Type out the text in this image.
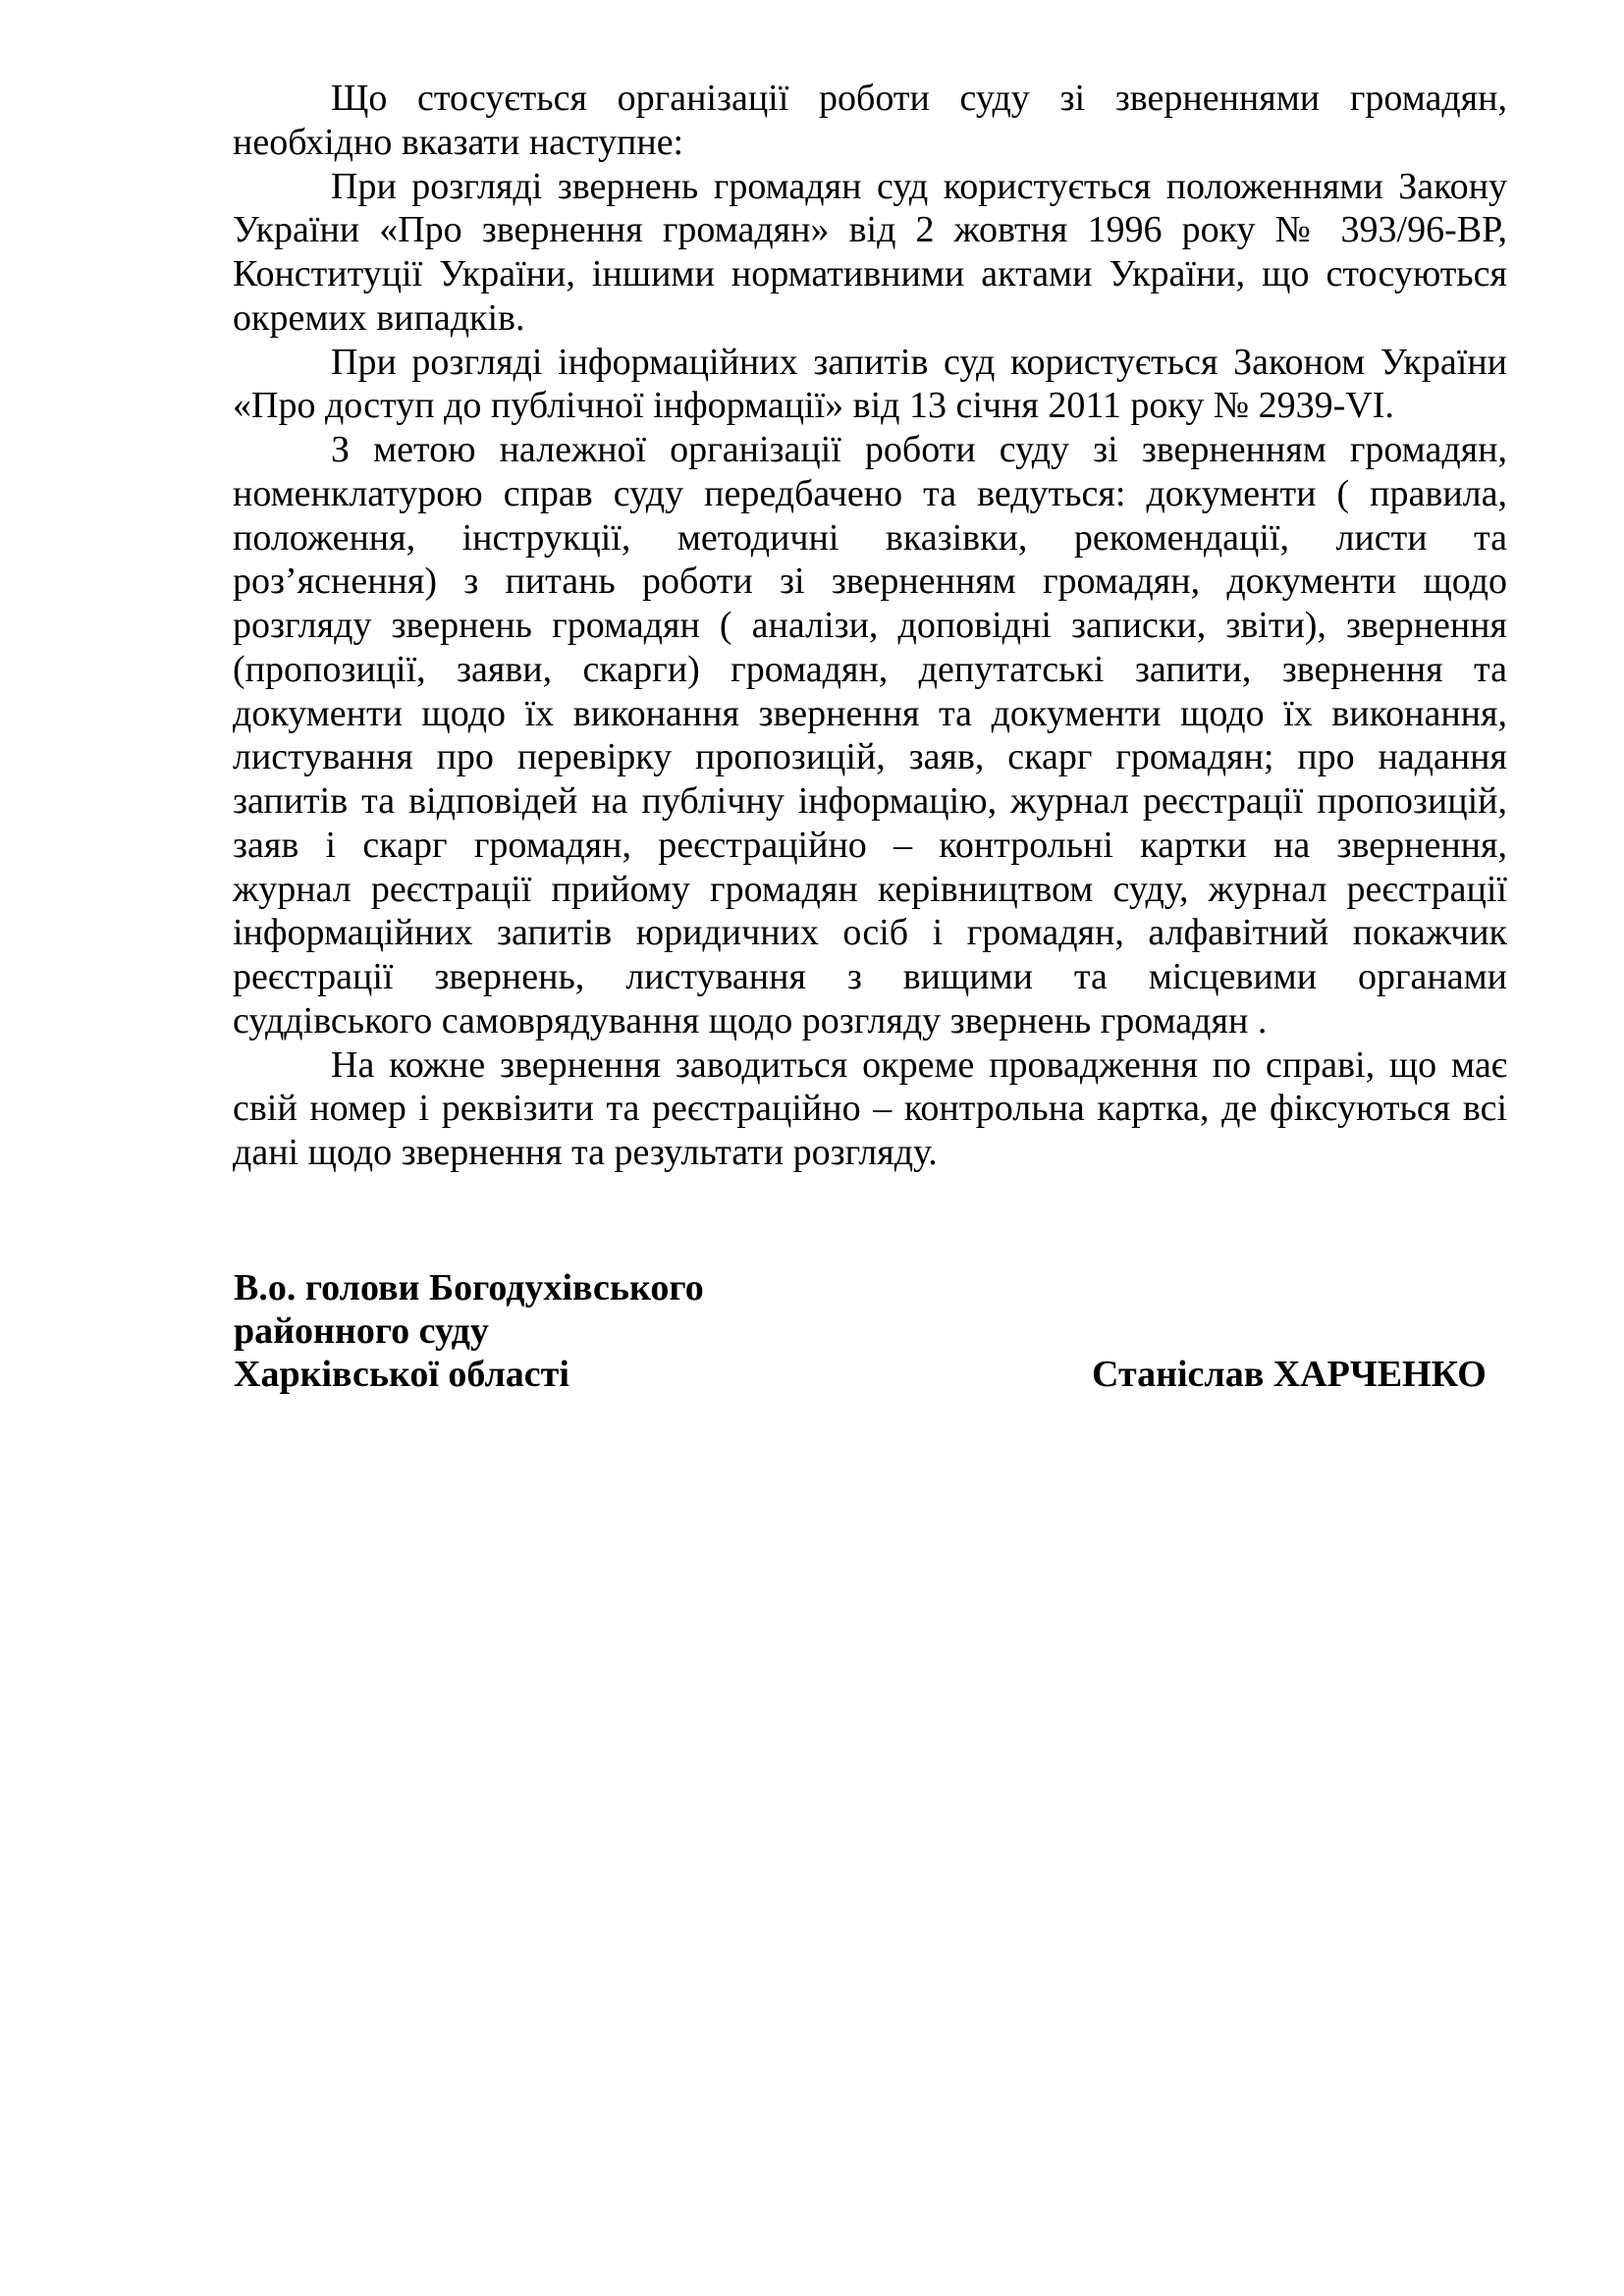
Що стосується організації роботи суду зі зверненнями громадян,
необхідно вказати наступне:
При розгляді звернень громадян суд користується положеннями Закону
України «Про звернення громадян» від 2 жовтня 1996 року № 393/96-ВР,
Конституції України, іншими нормативними актами України, що стосуються
окремих випадків.
При розгляді інформаційних запитів суд користується Законом України
«Про доступ до публічної інформації» від 13 січня 2011 року № 2939-VI.
З метою належної організації роботи суду зі зверненням громадян,
номенклатурою справ суду передбачено та ведуться: документи ( правила,
положення, інструкції, методичні вказівки, рекомендації, листи та
роз’яснення) з питань роботи зі зверненням громадян, документи щодо
розгляду звернень громадян ( аналізи, доповідні записки, звіти), звернення
(пропозиції, заяви, скарги) громадян, депутатські запити, звернення та
документи щодо їх виконання звернення та документи щодо їх виконання,
листування про перевірку пропозицій, заяв, скарг громадян; про надання
запитів та відповідей на публічну інформацію, журнал реєстрації пропозицій,
заяв і скарг громадян, реєстраційно – контрольні картки на звернення,
журнал реєстрації прийому громадян керівництвом суду, журнал реєстрації
інформаційних запитів юридичних осіб і громадян, алфавітний покажчик
реєстрації звернень, листування з вищими та місцевими органами
суддівського самоврядування щодо розгляду звернень громадян .
На кожне звернення заводиться окреме провадження по справі, що має
свій номер і реквізити та реєстраційно – контрольна картка, де фіксуються всі
дані щодо звернення та результати розгляду.
В.о. голови Богодухівського
районного суду
Харківської області	Станіслав ХАРЧЕНКО
